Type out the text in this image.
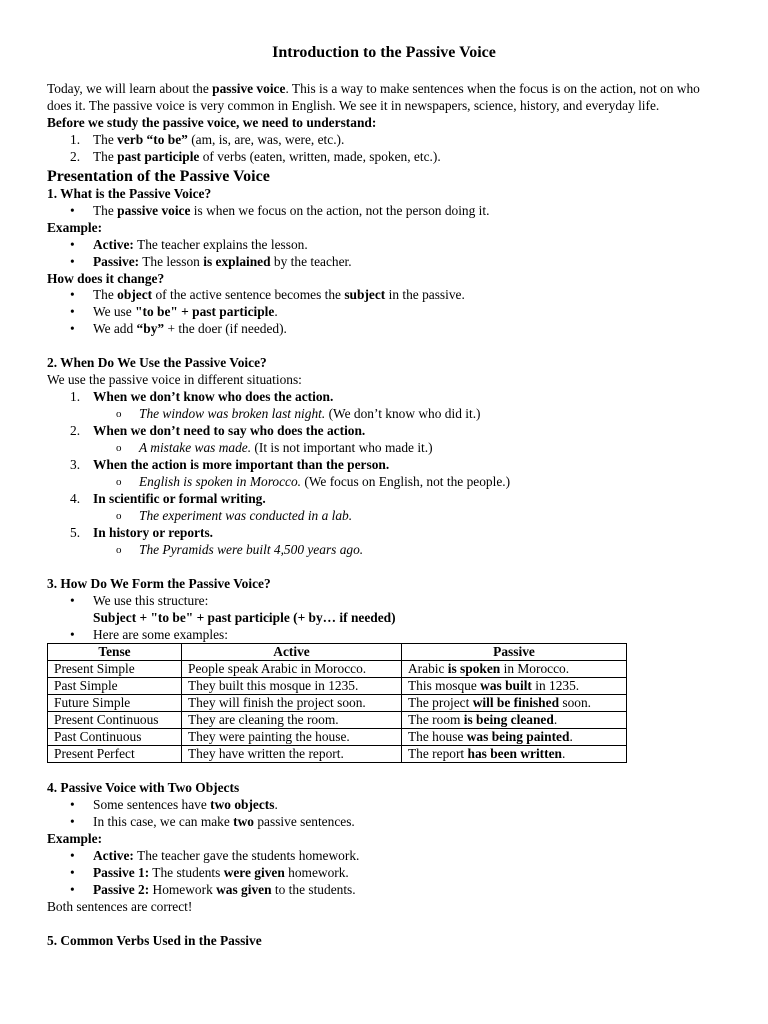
Introduction to the Passive Voice

Today, we will learn about the passive voice. This is a way to make sentences when the focus is on the action, not on who does it. The passive voice is very common in English. We see it in newspapers, science, history, and everyday life.

Before we study the passive voice, we need to understand:

1. The verb “to be” (am, is, are, was, were, etc.).
2. The past participle of verbs (eaten, written, made, spoken, etc.).
Presentation of the Passive Voice

1. What is the Passive Voice?

• The passive voice is when we focus on the action, not the person doing it.

Example:

• Active: The teacher explains the lesson.
• Passive: The lesson is explained by the teacher.

How does it change?

• The object of the active sentence becomes the subject in the passive.
• We use "to be" + past participle.
• We add “by” + the doer (if needed).

2. When Do We Use the Passive Voice?

We use the passive voice in different situations:

1. When we don’t know who does the action.
o The window was broken last night. (We don’t know who did it.)
2. When we don’t need to say who does the action.
o A mistake was made. (It is not important who made it.)
3. When the action is more important than the person.
o English is spoken in Morocco. (We focus on English, not the people.)
4. In scientific or formal writing.
o The experiment was conducted in a lab.
5. In history or reports.
o The Pyramids were built 4,500 years ago.

3. How Do We Form the Passive Voice?

• We use this structure:
Subject + "to be" + past participle (+ by… if needed)
• Here are some examples:
Tense	Active	Passive
Present Simple	People speak Arabic in Morocco.	Arabic is spoken in Morocco.
Past Simple	They built this mosque in 1235.	This mosque was built in 1235.
Future Simple	They will finish the project soon.	The project will be finished soon.
Present Continuous	They are cleaning the room.	The room is being cleaned.
Past Continuous	They were painting the house.	The house was being painted.
Present Perfect	They have written the report.	The report has been written.

4. Passive Voice with Two Objects

• Some sentences have two objects.
• In this case, we can make two passive sentences.

Example:

• Active: The teacher gave the students homework.
• Passive 1: The students were given homework.
• Passive 2: Homework was given to the students.

Both sentences are correct!

5. Common Verbs Used in the Passive
